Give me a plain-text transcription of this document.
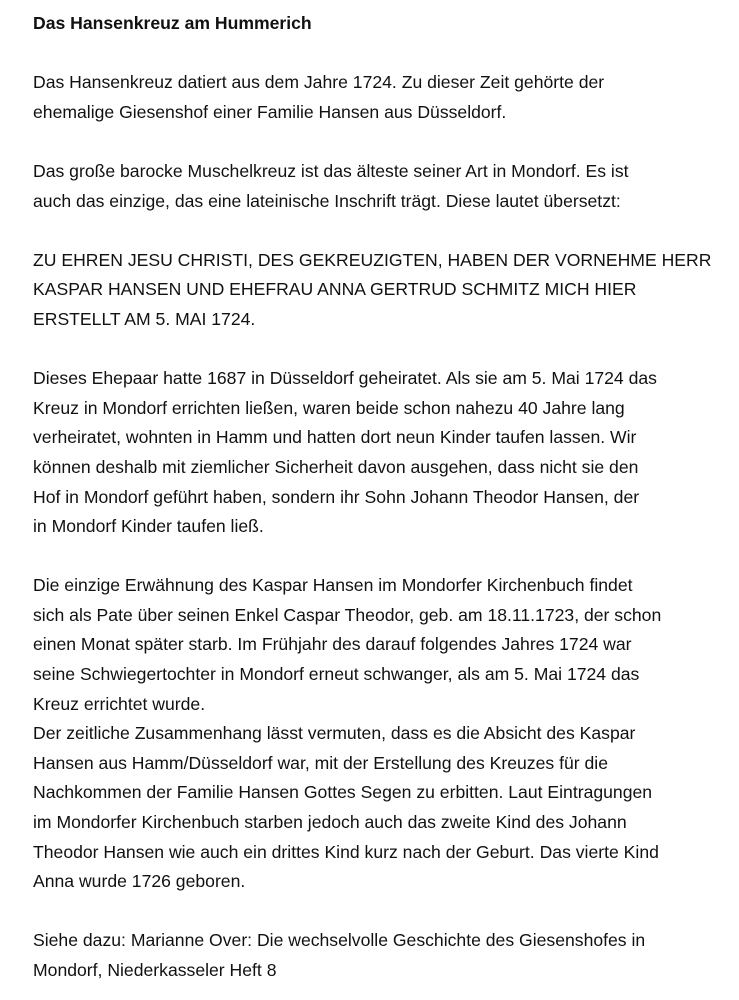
Das Hansenkreuz am Hummerich
Das Hansenkreuz datiert aus dem Jahre 1724. Zu dieser Zeit gehörte der
ehemalige Giesenshof einer Familie Hansen aus Düsseldorf.
Das große barocke Muschelkreuz ist das älteste seiner Art in Mondorf. Es ist
auch das einzige, das eine lateinische Inschrift trägt. Diese lautet übersetzt:
ZU EHREN JESU CHRISTI, DES GEKREUZIGTEN, HABEN DER VORNEHME HERR
KASPAR HANSEN UND EHEFRAU ANNA GERTRUD SCHMITZ MICH HIER
ERSTELLT AM 5. MAI 1724.
Dieses Ehepaar hatte 1687 in Düsseldorf geheiratet. Als sie am 5. Mai 1724 das
Kreuz in Mondorf errichten ließen, waren beide schon nahezu 40 Jahre lang
verheiratet, wohnten in Hamm und hatten dort neun Kinder taufen lassen. Wir
können deshalb mit ziemlicher Sicherheit davon ausgehen, dass nicht sie den
Hof in Mondorf geführt haben, sondern ihr Sohn Johann Theodor Hansen, der
in Mondorf Kinder taufen ließ.
Die einzige Erwähnung des Kaspar Hansen im Mondorfer Kirchenbuch findet
sich als Pate über seinen Enkel Caspar Theodor, geb. am 18.11.1723, der schon
einen Monat später starb. Im Frühjahr des darauf folgendes Jahres 1724 war
seine Schwiegertochter in Mondorf erneut schwanger, als am 5. Mai 1724 das
Kreuz errichtet wurde.
Der zeitliche Zusammenhang lässt vermuten, dass es die Absicht des Kaspar
Hansen aus Hamm/Düsseldorf war, mit der Erstellung des Kreuzes für die
Nachkommen der Familie Hansen Gottes Segen zu erbitten. Laut Eintragungen
im Mondorfer Kirchenbuch starben jedoch auch das zweite Kind des Johann
Theodor Hansen wie auch ein drittes Kind kurz nach der Geburt. Das vierte Kind
Anna wurde 1726 geboren.
Siehe dazu: Marianne Over: Die wechselvolle Geschichte des Giesenshofes in
Mondorf, Niederkasseler Heft 8
